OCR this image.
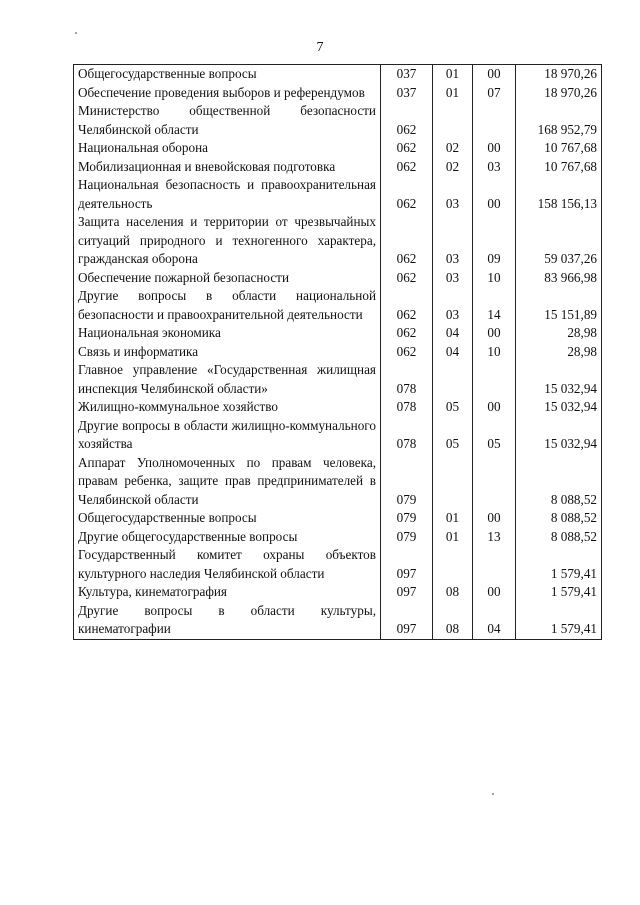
7
Общегосударственные вопросы	037	01	00	18 970,26
Обеспечение проведения выборов и референдумов	037	01	07	18 970,26
Министерство общественной безопасности Челябинской области	062			168 952,79
Национальная оборона	062	02	00	10 767,68
Мобилизационная и вневойсковая подготовка	062	02	03	10 767,68
Национальная безопасность и правоохранительная деятельность	062	03	00	158 156,13
Защита населения и территории от чрезвычайных ситуаций природного и техногенного характера, гражданская оборона	062	03	09	59 037,26
Обеспечение пожарной безопасности	062	03	10	83 966,98
Другие вопросы в области национальной безопасности и правоохранительной деятельности	062	03	14	15 151,89
Национальная экономика	062	04	00	28,98
Связь и информатика	062	04	10	28,98
Главное управление «Государственная жилищная инспекция Челябинской области»	078			15 032,94
Жилищно-коммунальное хозяйство	078	05	00	15 032,94
Другие вопросы в области жилищно-коммунального хозяйства	078	05	05	15 032,94
Аппарат Уполномоченных по правам человека, правам ребенка, защите прав предпринимателей в Челябинской области	079			8 088,52
Общегосударственные вопросы	079	01	00	8 088,52
Другие общегосударственные вопросы	079	01	13	8 088,52
Государственный комитет охраны объектов культурного наследия Челябинской области	097			1 579,41
Культура, кинематография	097	08	00	1 579,41
Другие вопросы в области культуры, кинематографии	097	08	04	1 579,41
